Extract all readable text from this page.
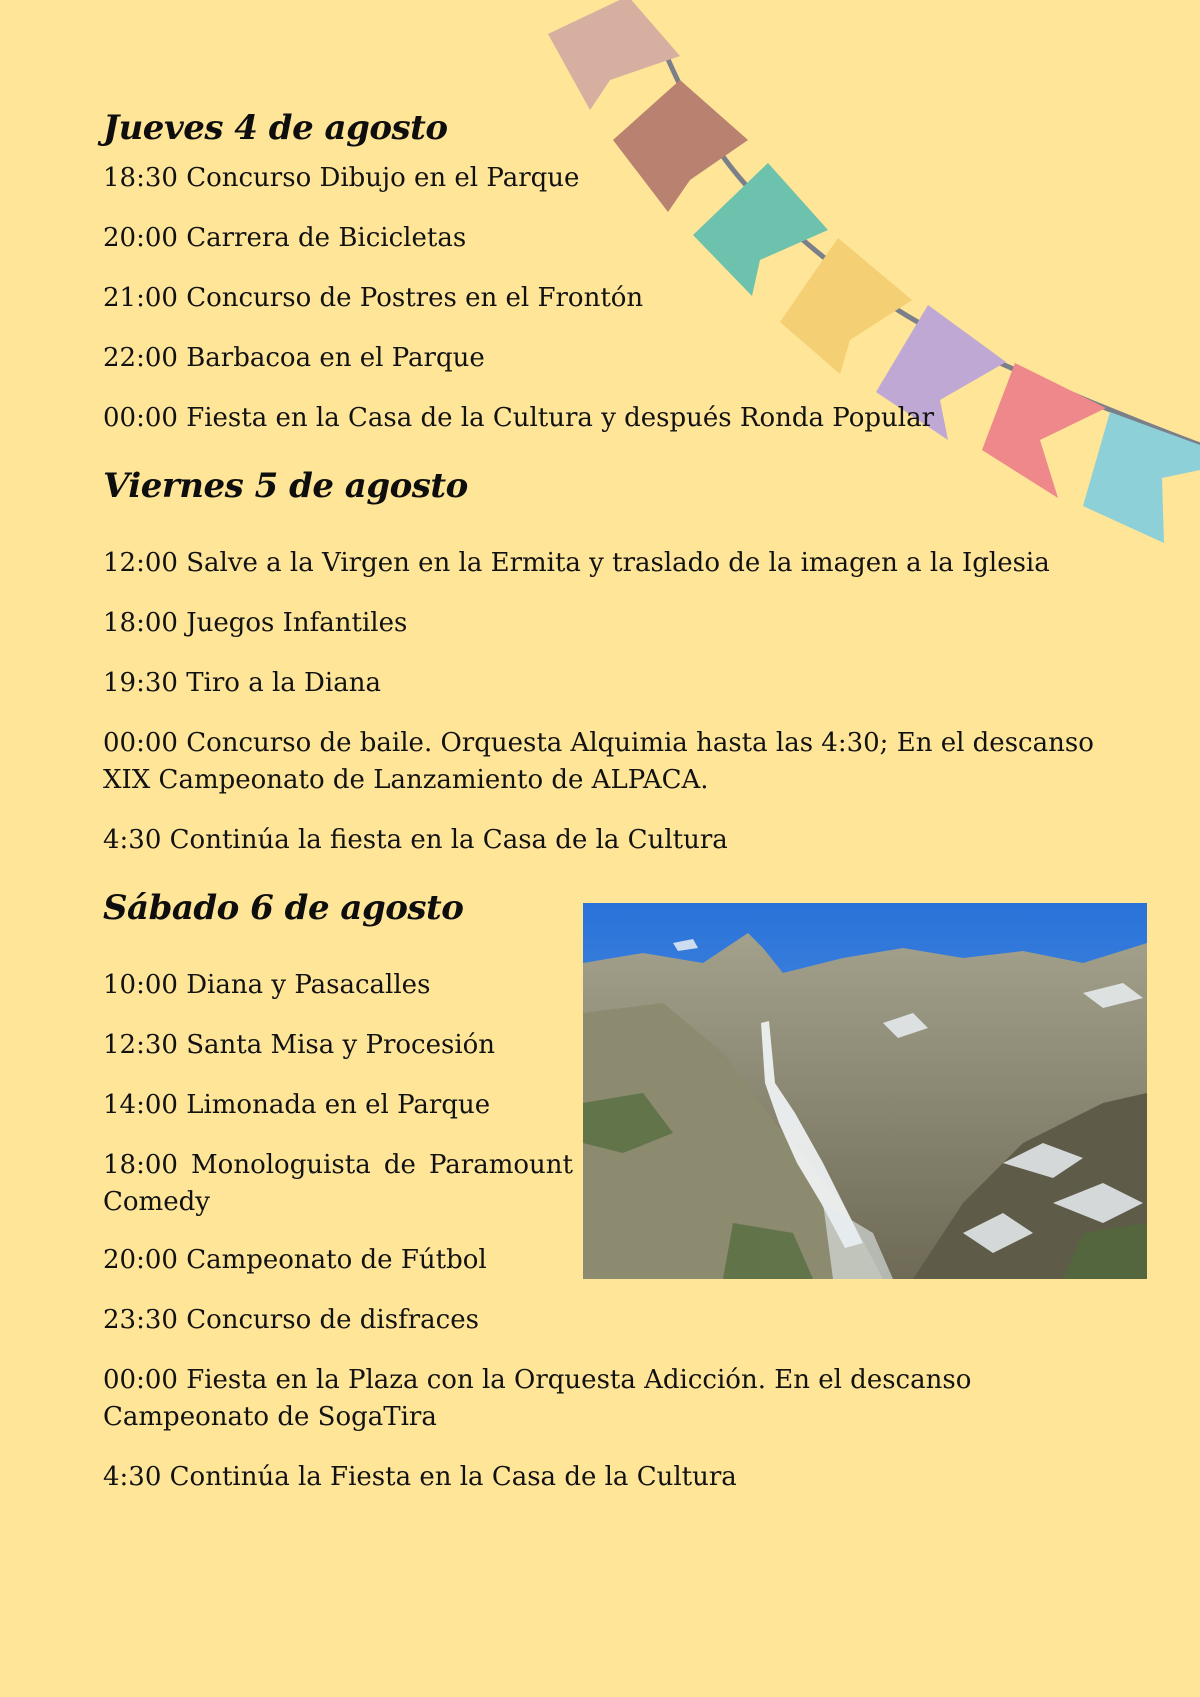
Jueves 4 de agosto

18:30 Concurso Dibujo en el Parque

20:00 Carrera de Bicicletas

21:00 Concurso de Postres en el Frontón

22:00 Barbacoa en el Parque

00:00 Fiesta en la Casa de la Cultura y después Ronda Popular

Viernes 5 de agosto

12:00 Salve a la Virgen en la Ermita y traslado de la imagen a la Iglesia

18:00 Juegos Infantiles

19:30 Tiro a la Diana

00:00 Concurso de baile. Orquesta Alquimia hasta las 4:30; En el descanso XIX Campeonato de Lanzamiento de ALPACA.

4:30 Continúa la fiesta en la Casa de la Cultura

Sábado 6 de agosto

10:00 Diana y Pasacalles

12:30 Santa Misa y Procesión

14:00 Limonada en el Parque

18:00 Monologuista de Paramount Comedy

20:00 Campeonato de Fútbol

23:30 Concurso de disfraces

00:00 Fiesta en la Plaza con la Orquesta Adicción. En el descanso Campeonato de SogaTira

4:30 Continúa la Fiesta en la Casa de la Cultura
